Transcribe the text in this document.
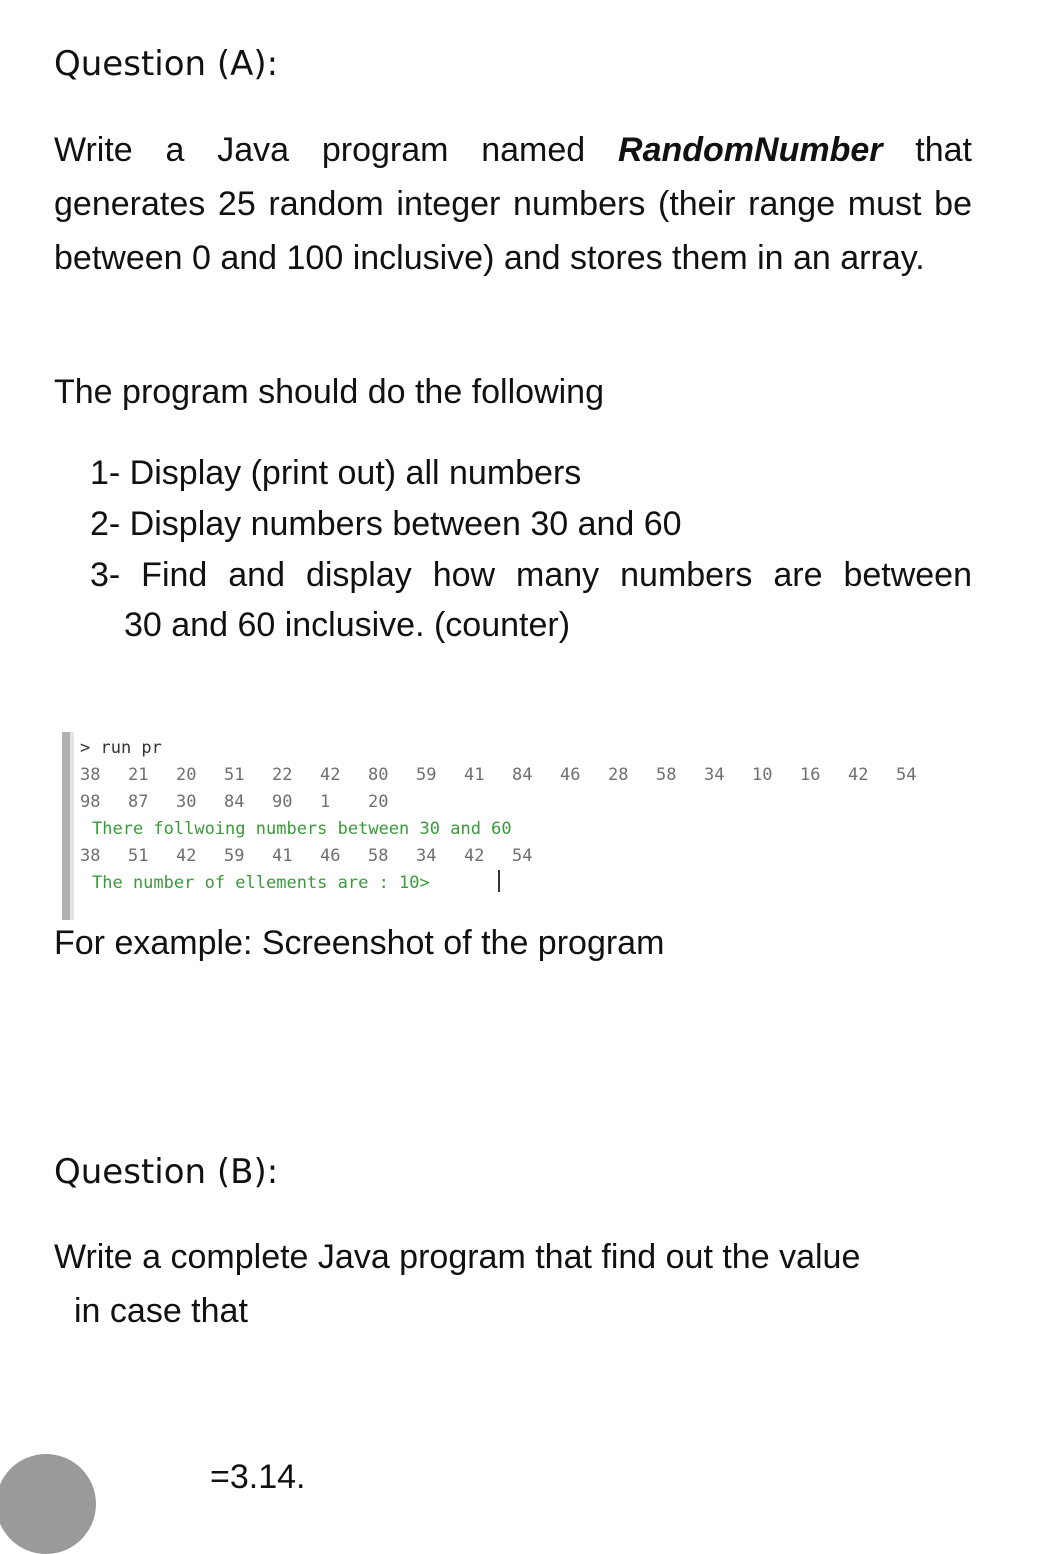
Question (A):

Write a Java program named RandomNumber that generates 25 random integer numbers (their range must be between 0 and 100 inclusive) and stores them in an array.

The program should do the following

1- Display (print out) all numbers

2- Display numbers between 30 and 60

3- Find and display how many numbers are between

30 and 60 inclusive. (counter)

> run pr

38	21	20	51	22	42	80	59	41	84	46	28	58	34	10	16	42	54
98	87	30	84	90	1	20

There follwoing numbers between 30 and 60

38	51	42	59	41	46	58	34	42	54

The number of ellements are : 10>

For example: Screenshot of the program

Question (B):

Write a complete Java program that find out the value

in case that

=3.14.
